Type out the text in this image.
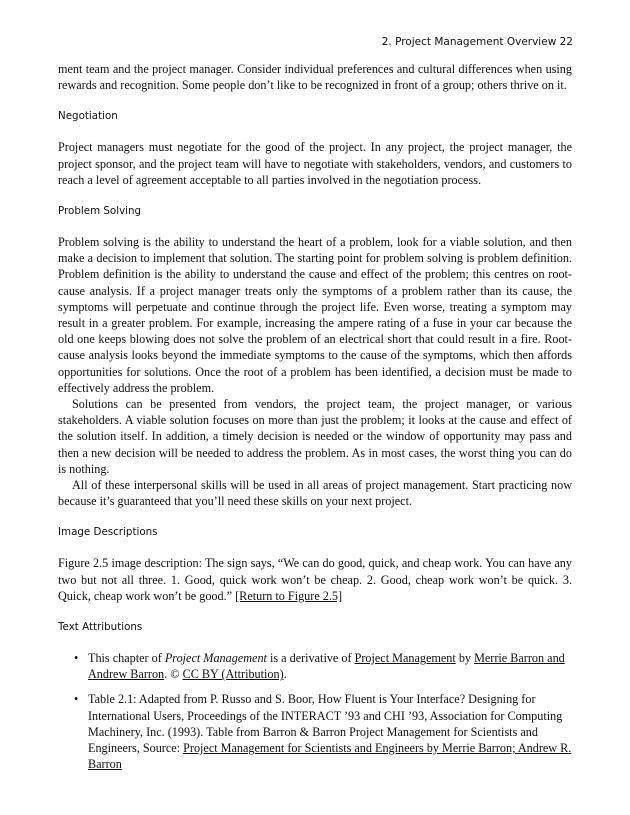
2. Project Management Overview 22

ment team and the project manager. Consider individual preferences and cultural differences when using rewards and recognition. Some people don’t like to be recognized in front of a group; others thrive on it.

Negotiation

Project managers must negotiate for the good of the project. In any project, the project manager, the project sponsor, and the project team will have to negotiate with stakeholders, vendors, and customers to reach a level of agreement acceptable to all parties involved in the negotiation process.

Problem Solving

Problem solving is the ability to understand the heart of a problem, look for a viable solution, and then make a decision to implement that solution. The starting point for problem solving is problem definition. Problem definition is the ability to understand the cause and effect of the problem; this centres on root-cause analysis. If a project manager treats only the symptoms of a problem rather than its cause, the symptoms will perpetuate and continue through the project life. Even worse, treating a symptom may result in a greater problem. For example, increasing the ampere rating of a fuse in your car because the old one keeps blowing does not solve the problem of an electrical short that could result in a fire. Root-cause analysis looks beyond the immediate symptoms to the cause of the symptoms, which then affords opportunities for solutions. Once the root of a problem has been identified, a decision must be made to effectively address the problem.

Solutions can be presented from vendors, the project team, the project manager, or various stakeholders. A viable solution focuses on more than just the problem; it looks at the cause and effect of the solution itself. In addition, a timely decision is needed or the window of opportunity may pass and then a new decision will be needed to address the problem. As in most cases, the worst thing you can do is nothing.

All of these interpersonal skills will be used in all areas of project management. Start practicing now because it’s guaranteed that you’ll need these skills on your next project.

Image Descriptions

Figure 2.5 image description: The sign says, “We can do good, quick, and cheap work. You can have any two but not all three. 1. Good, quick work won’t be cheap. 2. Good, cheap work won’t be quick. 3. Quick, cheap work won’t be good.” [Return to Figure 2.5]

Text Attributions
• This chapter of Project Management is a derivative of Project Management by Merrie Barron and Andrew Barron. © CC BY (Attribution).
• Table 2.1: Adapted from P. Russo and S. Boor, How Fluent is Your Interface? Designing for International Users, Proceedings of the INTERACT ’93 and CHI ’93, Association for Computing Machinery, Inc. (1993). Table from Barron & Barron Project Management for Scientists and Engineers, Source: Project Management for Scientists and Engineers by Merrie Barron; Andrew R. Barron
